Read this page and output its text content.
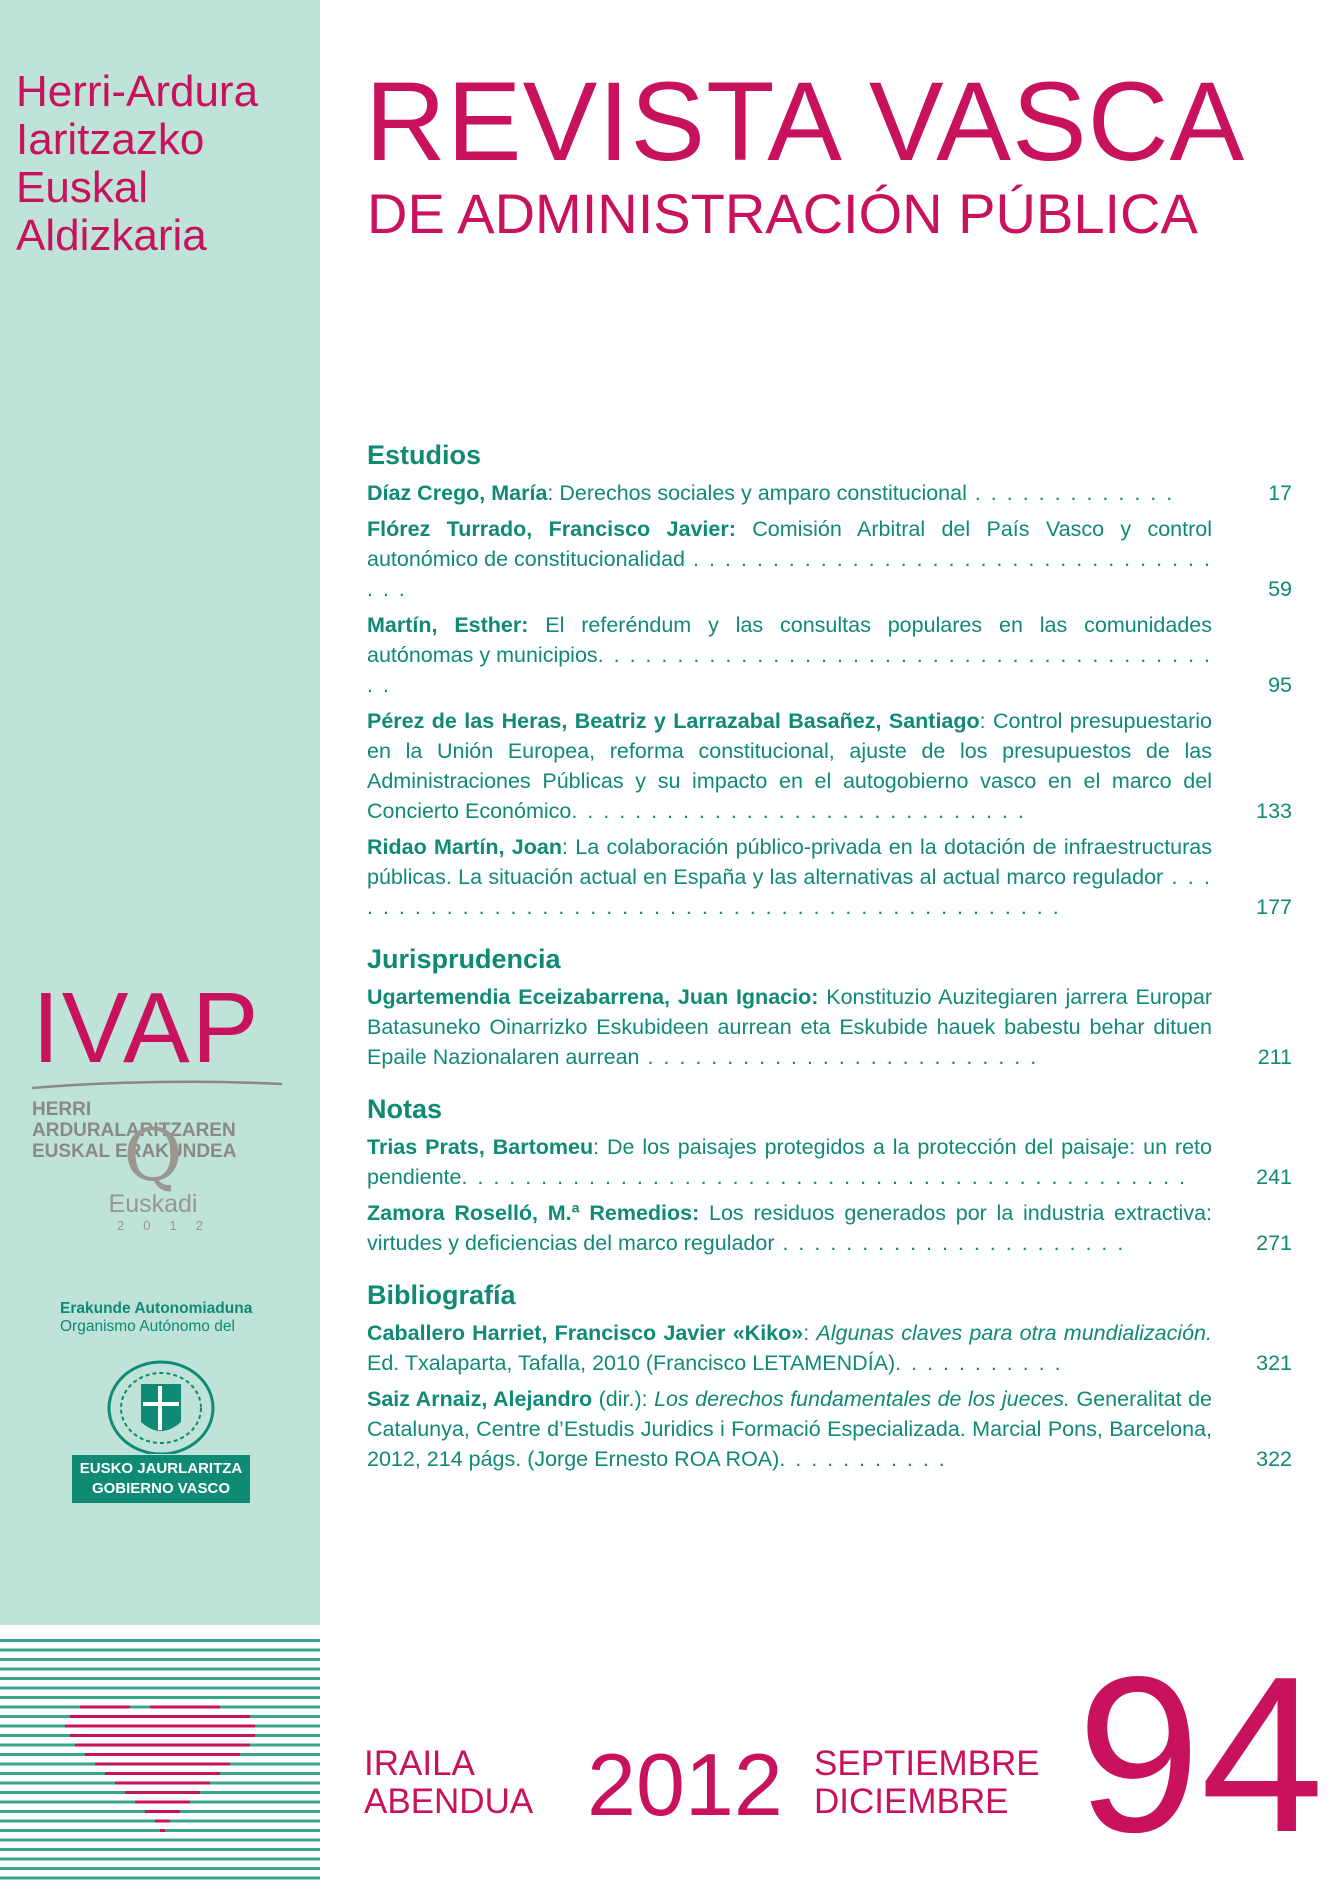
Herri-Ardura
Iaritzazko
Euskal
Aldizkaria
REVISTA VASCA
DE ADMINISTRACIÓN PÚBLICA
Estudios
Díaz Crego, María: Derechos sociales y amparo constitucional . . . . . . . . . . . . .	17
Flórez Turrado, Francisco Javier: Comisión Arbitral del País Vasco y control autonómico de constitucionalidad . . . . . . . . . . . . . . . . . . . . . . . . . . . . . . . . . . . .	59
Martín, Esther: El referéndum y las consultas populares en las comunidades autónomas y municipios. . . . . . . . . . . . . . . . . . . . . . . . . . . . . . . . . . . . . . . . .	95
Pérez de las Heras, Beatriz y Larrazabal Basañez, Santiago: Control presupuestario en la Unión Europea, reforma constitucional, ajuste de los presupuestos de las Administraciones Públicas y su impacto en el autogobierno vasco en el marco del Concierto Económico. . . . . . . . . . . . . . . . . . . . . . . . . . . . .	133
Ridao Martín, Joan: La colaboración público-privada en la dotación de infraestructuras públicas. La situación actual en España y las alternativas al actual marco regulador . . . . . . . . . . . . . . . . . . . . . . . . . . . . . . . . . . . . . . . . . . . . . . .	177
Jurisprudencia
Ugartemendia Eceizabarrena, Juan Ignacio: Konstituzio Auzitegiaren jarrera Europar Batasuneko Oinarrizko Eskubideen aurrean eta Eskubide hauek babestu behar dituen Epaile Nazionalaren aurrean . . . . . . . . . . . . . . . . . . . . . . . . .	211
Notas
Trias Prats, Bartomeu: De los paisajes protegidos a la protección del paisaje: un reto pendiente. . . . . . . . . . . . . . . . . . . . . . . . . . . . . . . . . . . . . . . . . . . . . .	241
Zamora Roselló, M.ª Remedios: Los residuos generados por la industria extractiva: virtudes y deficiencias del marco regulador . . . . . . . . . . . . . . . . . . . . . .	271
Bibliografía
Caballero Harriet, Francisco Javier «Kiko»: Algunas claves para otra mundialización. Ed. Txalaparta, Tafalla, 2010 (Francisco LETAMENDÍA). . . . . . . . . . .	321
Saiz Arnaiz, Alejandro (dir.): Los derechos fundamentales de los jueces. Generalitat de Catalunya, Centre d’Estudis Juridics i Formació Especializada. Marcial Pons, Barcelona, 2012, 214 págs. (Jorge Ernesto ROA ROA). . . . . . . . . . .	322
IVAP
HERRI ARDURALARITZAREN
EUSKAL ERAKUNDEA
Q
Euskadi
2012
Erakunde Autonomiaduna
Organismo Autónomo del
EUSKO JAURLARITZA
GOBIERNO VASCO
IRAILA
ABENDUA 2012 SEPTIEMBRE
DICIEMBRE 94
